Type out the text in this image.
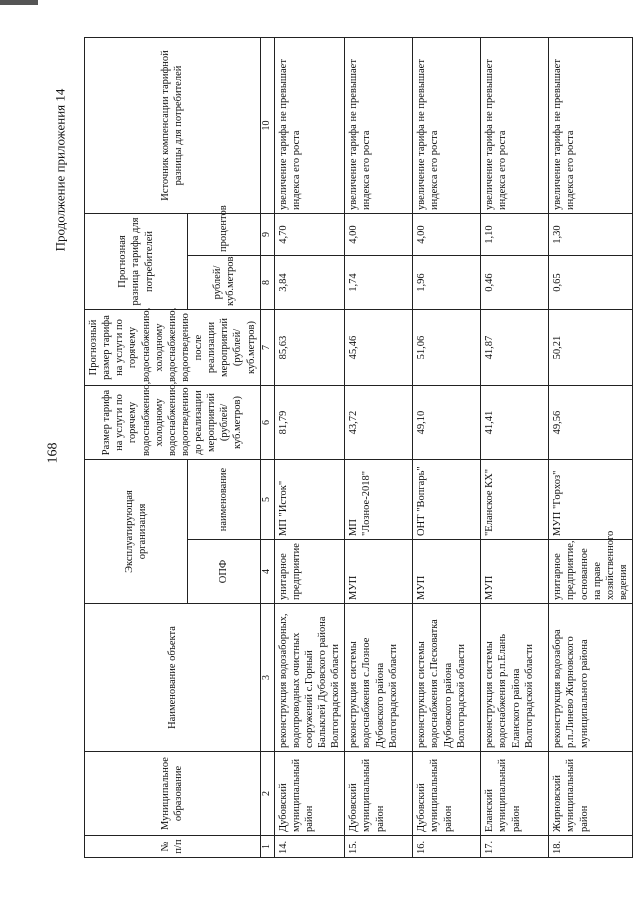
168
Продолжение приложения 14
№ п/п	Муниципальное образование	Наименование объекта	Эксплуатирующая организация		Размер тарифа на услуги по горячему водоснабжению, холодному водоснабжению, водоотведению до реализации мероприятий (рублей/куб.метров)	Прогнозный размер тарифа на услуги по горячему водоснабжению, холодному водоснабжению, водоотведению после реализации мероприятий (рублей/куб.метров)	Прогнозная разница тарифа для потребителей		Источник компенсации тарифной разницы для потребителей
			ОПФ	наименование			рублей/ куб.метров	процентов	
1	2	3	4	5	6	7	8	9	10
14.	Дубовский муниципальный район	реконструкция водозаборных, водопроводных очистных сооружений с.Горный Балыклей Дубовского района Волгоградской области	унитарное предприятие	МП "Исток"	81,79	85,63	3,84	4,70	увеличение тарифа не превышает индекса его роста
15.	Дубовский муниципальный район	реконструкция системы водоснабжения с.Лозное Дубовского района Волгоградской области	МУП	МП "Лозное-2018"	43,72	45,46	1,74	4,00	увеличение тарифа не превышает индекса его роста
16.	Дубовский муниципальный район	реконструкция системы водоснабжения с.Песковатка Дубовского района Волгоградской области	МУП	ОНТ "Вопгарь"	49,10	51,06	1,96	4,00	увеличение тарифа не превышает индекса его роста
17.	Еланский муниципальный район	реконструкция системы водоснабжения р.п.Елань Еланского района Волгоградской области	МУП	"Еланское КХ"	41,41	41,87	0,46	1,10	увеличение тарифа не превышает индекса его роста
18.	Жирновский муниципальный район	реконструкция водозабора р.п.Линево Жирновского муниципального района	унитарное предприятие, основанное на праве хозяйственного ведения	МУП "Горхоз"	49,56	50,21	0,65	1,30	увеличение тарифа не превышает индекса его роста
